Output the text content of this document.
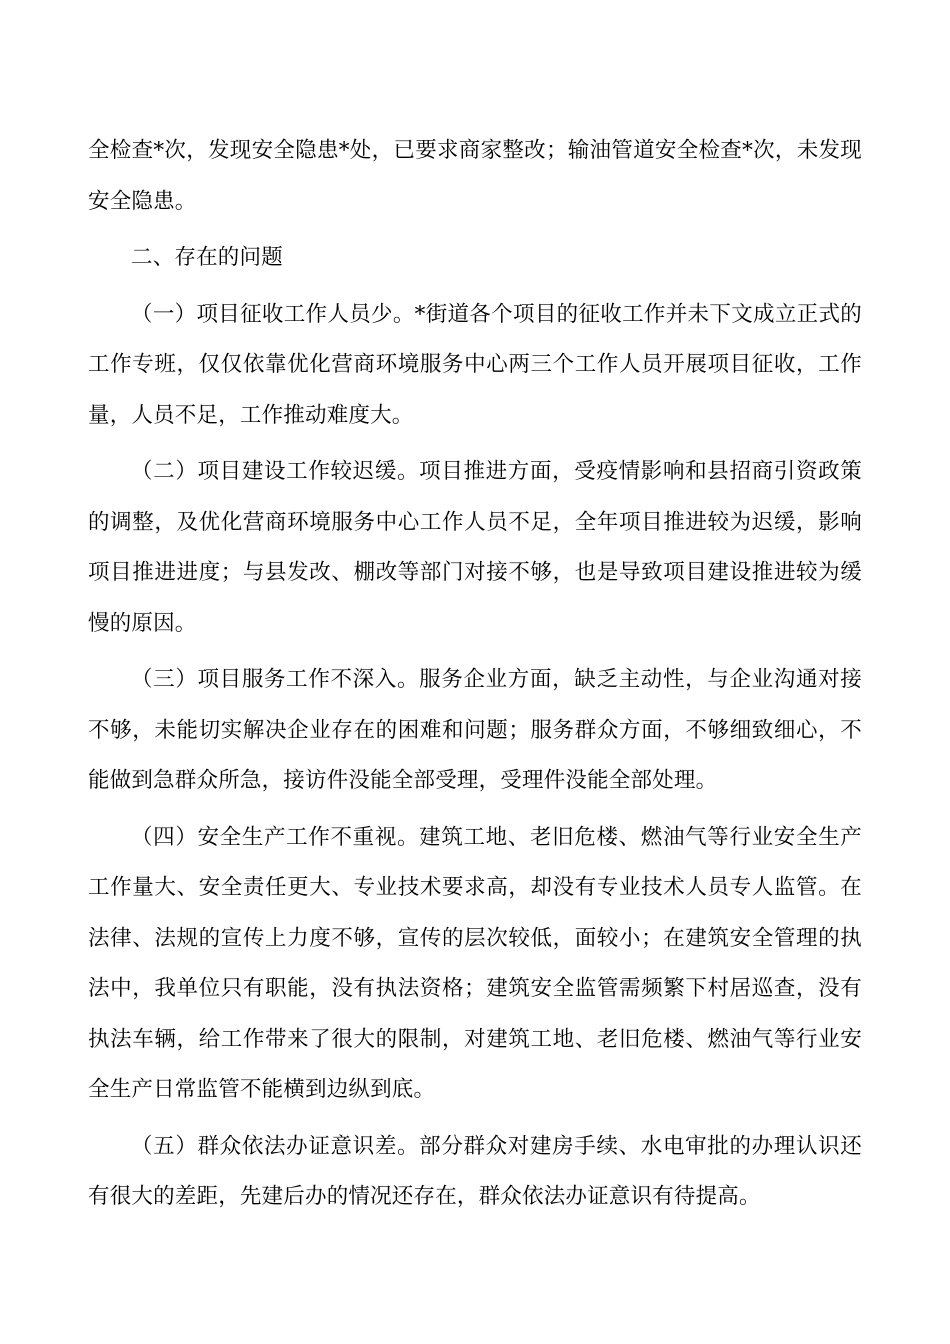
全检查*次，发现安全隐患*处，已要求商家整改；输油管道安全检查*次，未发现安全隐患。

二、存在的问题

（一）项目征收工作人员少。*街道各个项目的征收工作并未下文成立正式的工作专班，仅仅依靠优化营商环境服务中心两三个工作人员开展项目征收，工作量，人员不足，工作推动难度大。

（二）项目建设工作较迟缓。项目推进方面，受疫情影响和县招商引资政策的调整，及优化营商环境服务中心工作人员不足，全年项目推进较为迟缓，影响项目推进进度；与县发改、棚改等部门对接不够，也是导致项目建设推进较为缓慢的原因。

（三）项目服务工作不深入。服务企业方面，缺乏主动性，与企业沟通对接不够，未能切实解决企业存在的困难和问题；服务群众方面，不够细致细心，不能做到急群众所急，接访件没能全部受理，受理件没能全部处理。

（四）安全生产工作不重视。建筑工地、老旧危楼、燃油气等行业安全生产工作量大、安全责任更大、专业技术要求高，却没有专业技术人员专人监管。在法律、法规的宣传上力度不够，宣传的层次较低，面较小；在建筑安全管理的执法中，我单位只有职能，没有执法资格；建筑安全监管需频繁下村居巡查，没有执法车辆，给工作带来了很大的限制，对建筑工地、老旧危楼、燃油气等行业安全生产日常监管不能横到边纵到底。

（五）群众依法办证意识差。部分群众对建房手续、水电审批的办理认识还有很大的差距，先建后办的情况还存在，群众依法办证意识有待提高。
